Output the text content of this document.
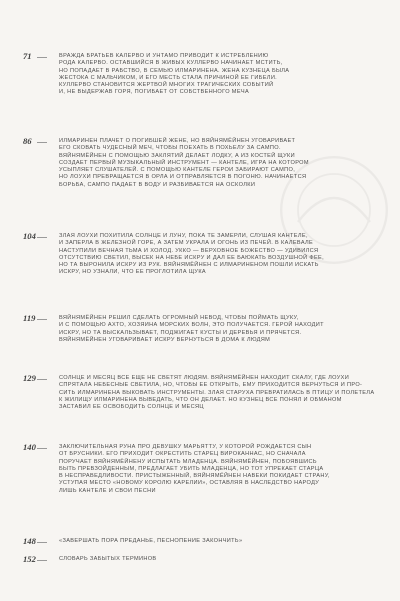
71	ВРАЖДА БРАТЬЕВ КАЛЕРВО И УНТАМО ПРИВОДИТ К ИСТРЕБЛЕНИЮ
РОДА КАЛЕРВО. ОСТАВШИЙСЯ В ЖИВЫХ КУЛЛЕРВО НАЧИНАЕТ МСТИТЬ,
НО ПОПАДАЕТ В РАБСТВО, В СЕМЬЮ ИЛМАРИНЕНА. ЖЕНА КУЗНЕЦА БЫЛА
ЖЕСТОКА С МАЛЬЧИКОМ, И ЕГО МЕСТЬ СТАЛА ПРИЧИНОЙ ЕЕ ГИБЕЛИ.
КУЛЛЕРВО СТАНОВИТСЯ ЖЕРТВОЙ МНОГИХ ТРАГИЧЕСКИХ СОБЫТИЙ
И, НЕ ВЫДЕРЖАВ ГОРЯ, ПОГИБАЕТ ОТ СОБСТВЕННОГО МЕЧА
86	ИЛМАРИНЕН ПЛАЧЕТ О ПОГИБШЕЙ ЖЕНЕ, НО ВЯЙНЯМЁЙНЕН УГОВАРИВАЕТ
ЕГО СКОВАТЬ ЧУДЕСНЫЙ МЕЧ, ЧТОБЫ ПОЕХАТЬ В ПОХЬЕЛУ ЗА САМПО.
ВЯЙНЯМЁЙНЕН С ПОМОЩЬЮ ЗАКЛЯТИЙ ДЕЛАЕТ ЛОДКУ, А ИЗ КОСТЕЙ ЩУКИ
СОЗДАЕТ ПЕРВЫЙ МУЗЫКАЛЬНЫЙ ИНСТРУМЕНТ — КАНТЕЛЕ, ИГРА НА КОТОРОМ
УСЫПЛЯЕТ СЛУШАТЕЛЕЙ. С ПОМОЩЬЮ КАНТЕЛЕ ГЕРОИ ЗАБИРАЮТ САМПО,
НО ЛОУХИ ПРЕВРАЩАЕТСЯ В ОРЛА И ОТПРАВЛЯЕТСЯ В ПОГОНЮ. НАЧИНАЕТСЯ
БОРЬБА, САМПО ПАДАЕТ В ВОДУ И РАЗБИВАЕТСЯ НА ОСКОЛКИ
104	ЗЛАЯ ЛОУХИ ПОХИТИЛА СОЛНЦЕ И ЛУНУ, ПОКА ТЕ ЗАМЕРЛИ, СЛУШАЯ КАНТЕЛЕ,
И ЗАПЕРЛА В ЖЕЛЕЗНОЙ ГОРЕ, А ЗАТЕМ УКРАЛА И ОГОНЬ ИЗ ПЕЧЕЙ. В КАЛЕВАЛЕ
НАСТУПИЛИ ВЕЧНАЯ ТЬМА И ХОЛОД. УККО — ВЕРХОВНОЕ БОЖЕСТВО — УДИВИЛСЯ
ОТСУТСТВИЮ СВЕТИЛ, ВЫСЕК НА НЕБЕ ИСКРУ И ДАЛ ЕЕ БАЮКАТЬ ВОЗДУШНОЙ ФЕЕ,
НО ТА ВЫРОНИЛА ИСКРУ ИЗ РУК. ВЯЙНЯМЁЙНЕН С ИЛМАРИНЕНОМ ПОШЛИ ИСКАТЬ
ИСКРУ, НО УЗНАЛИ, ЧТО ЕЕ ПРОГЛОТИЛА ЩУКА
119	ВЯЙНЯМЁЙНЕН РЕШИЛ СДЕЛАТЬ ОГРОМНЫЙ НЕВОД, ЧТОБЫ ПОЙМАТЬ ЩУКУ,
И С ПОМОЩЬЮ АХТО, ХОЗЯИНА МОРСКИХ ВОЛН, ЭТО ПОЛУЧАЕТСЯ. ГЕРОЙ НАХОДИТ
ИСКРУ, НО ТА ВЫСКАЛЬЗЫВАЕТ, ПОДЖИГАЕТ КУСТЫ И ДЕРЕВЬЯ И ПРЯЧЕТСЯ.
ВЯЙНЯМЁЙНЕН УГОВАРИВАЕТ ИСКРУ ВЕРНУТЬСЯ В ДОМА К ЛЮДЯМ
129	СОЛНЦЕ И МЕСЯЦ ВСЕ ЕЩЕ НЕ СВЕТЯТ ЛЮДЯМ. ВЯЙНЯМЁЙНЕН НАХОДИТ СКАЛУ, ГДЕ ЛОУХИ
СПРЯТАЛА НЕБЕСНЫЕ СВЕТИЛА, НО, ЧТОБЫ ЕЕ ОТКРЫТЬ, ЕМУ ПРИХОДИТСЯ ВЕРНУТЬСЯ И ПРО-
СИТЬ ИЛМАРИНЕНА ВЫКОВАТЬ ИНСТРУМЕНТЫ. ЗЛАЯ СТАРУХА ПРЕВРАТИЛАСЬ В ПТИЦУ И ПОЛЕТЕЛА
К ЖИЛИЩУ ИЛМАРИНЕНА ВЫВЕДАТЬ, ЧТО ОН ДЕЛАЕТ. НО КУЗНЕЦ ВСЕ ПОНЯЛ И ОБМАНОМ
ЗАСТАВИЛ ЕЕ ОСВОБОДИТЬ СОЛНЦЕ И МЕСЯЦ
140	ЗАКЛЮЧИТЕЛЬНАЯ РУНА ПРО ДЕВУШКУ МАРЬЯТТУ, У КОТОРОЙ РОЖДАЕТСЯ СЫН
ОТ БРУСНИКИ. ЕГО ПРИХОДИТ ОКРЕСТИТЬ СТАРЕЦ ВИРОКАННАС, НО СНАЧАЛА
ПОРУЧАЕТ ВЯЙНЯМЁЙНЕНУ ИСПЫТАТЬ МЛАДЕНЦА. ВЯЙНЯМЁЙНЕН, ПОБОЯВШИСЬ
БЫТЬ ПРЕВЗОЙДЕННЫМ, ПРЕДЛАГАЕТ УБИТЬ МЛАДЕНЦА, НО ТОТ УПРЕКАЕТ СТАРЦА
В НЕСПРАВЕДЛИВОСТИ. ПРИСТЫЖЕННЫЙ, ВЯЙНЯМЁЙНЕН НАВЕКИ ПОКИДАЕТ СТРАНУ,
УСТУПАЯ МЕСТО «НОВОМУ КОРОЛЮ КАРЕЛИИ», ОСТАВЛЯЯ В НАСЛЕДСТВО НАРОДУ
ЛИШЬ КАНТЕЛЕ И СВОИ ПЕСНИ
148	«ЗАВЕРШАТЬ ПОРА ПРЕДАНЬЕ, ПЕСНОПЕНИЕ ЗАКОНЧИТЬ»
152	СЛОВАРЬ ЗАБЫТЫХ ТЕРМИНОВ
